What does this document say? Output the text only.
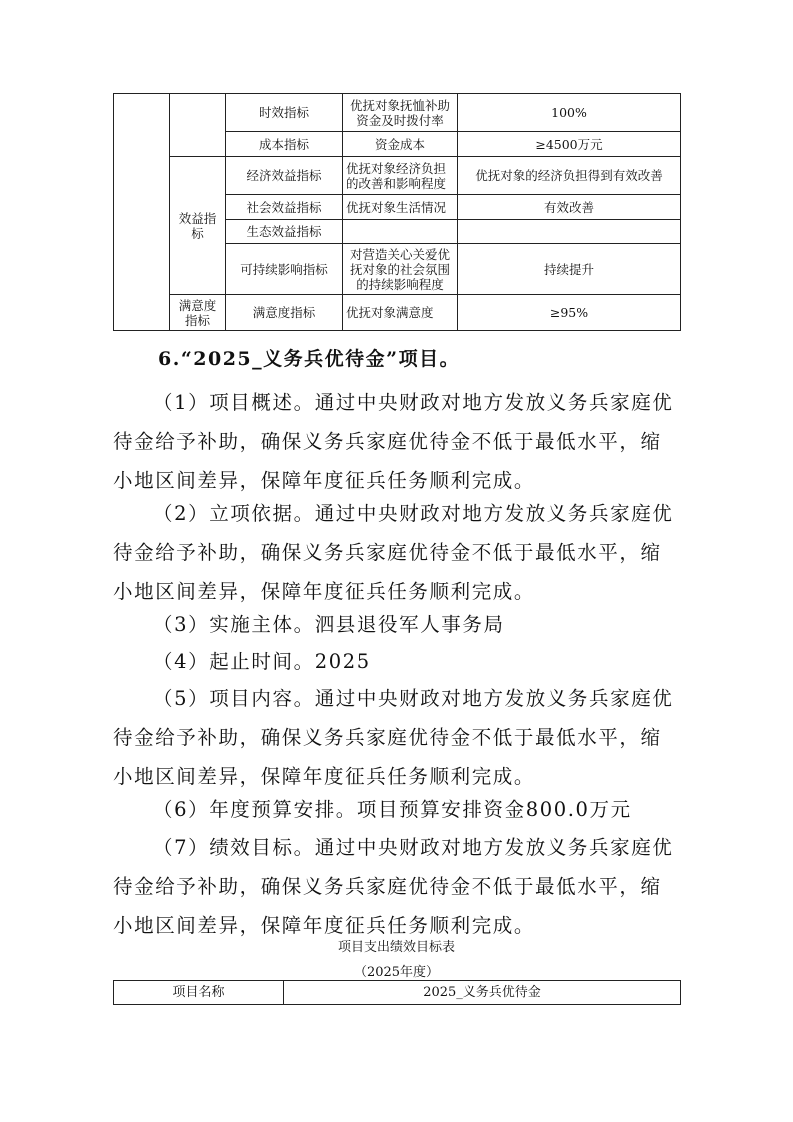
		时效指标	优抚对象抚恤补助资金及时拨付率	100%
		成本指标	资金成本	≥4500万元
	效益指标	经济效益指标	优抚对象经济负担的改善和影响程度	优抚对象的经济负担得到有效改善
		社会效益指标	优抚对象生活情况	有效改善
		生态效益指标		
		可持续影响指标	对营造关心关爱优抚对象的社会氛围的持续影响程度	持续提升
	满意度指标	满意度指标	优抚对象满意度	≥95%
6.“2025_义务兵优待金”项目。
（1）项目概述。通过中央财政对地方发放义务兵家庭优
待金给予补助，确保义务兵家庭优待金不低于最低水平，缩
小地区间差异，保障年度征兵任务顺利完成。
（2）立项依据。通过中央财政对地方发放义务兵家庭优
待金给予补助，确保义务兵家庭优待金不低于最低水平，缩
小地区间差异，保障年度征兵任务顺利完成。
（3）实施主体。泗县退役军人事务局
（4）起止时间。2025
（5）项目内容。通过中央财政对地方发放义务兵家庭优
待金给予补助，确保义务兵家庭优待金不低于最低水平，缩
小地区间差异，保障年度征兵任务顺利完成。
（6）年度预算安排。项目预算安排资金800.0万元
（7）绩效目标。通过中央财政对地方发放义务兵家庭优
待金给予补助，确保义务兵家庭优待金不低于最低水平，缩
小地区间差异，保障年度征兵任务顺利完成。
项目支出绩效目标表
（2025年度）
项目名称	2025_义务兵优待金
